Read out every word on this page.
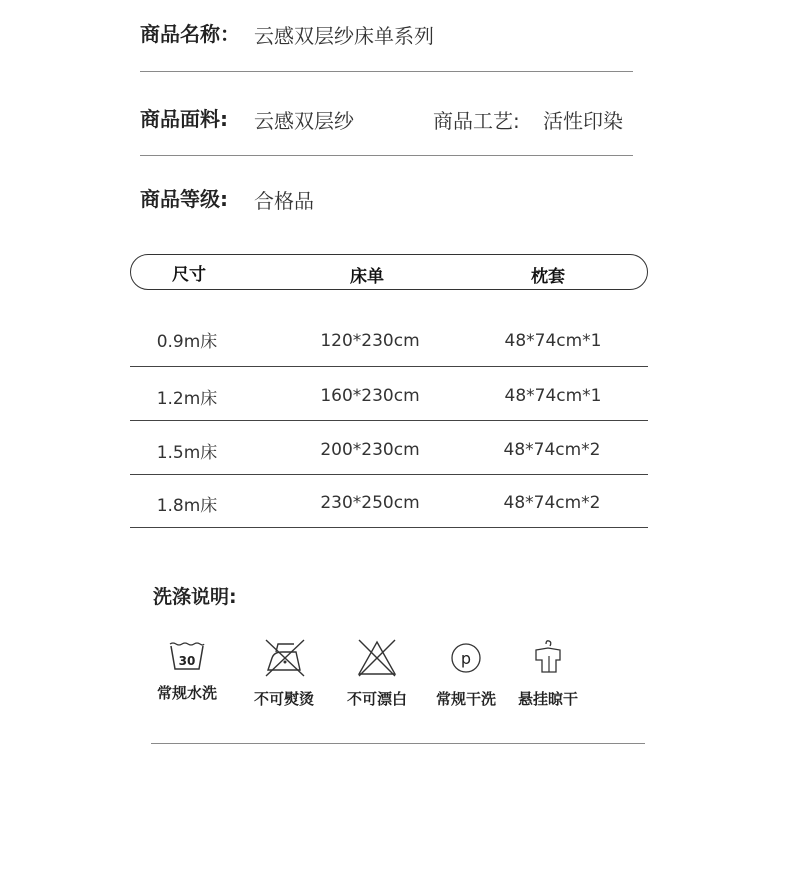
商品名称： 云感双层纱床单系列
商品面料: 云感双层纱	商品工艺: 活性印染
商品等级: 合格品
尺寸	床单	枕套
0.9m床	120*230cm	48*74cm*1
1.2m床	160*230cm	48*74cm*1
1.5m床	200*230cm	48*74cm*2
1.8m床	230*250cm	48*74cm*2
洗涤说明:
30
常规水洗	不可熨烫	不可漂白
p
常规干洗	悬挂晾干
